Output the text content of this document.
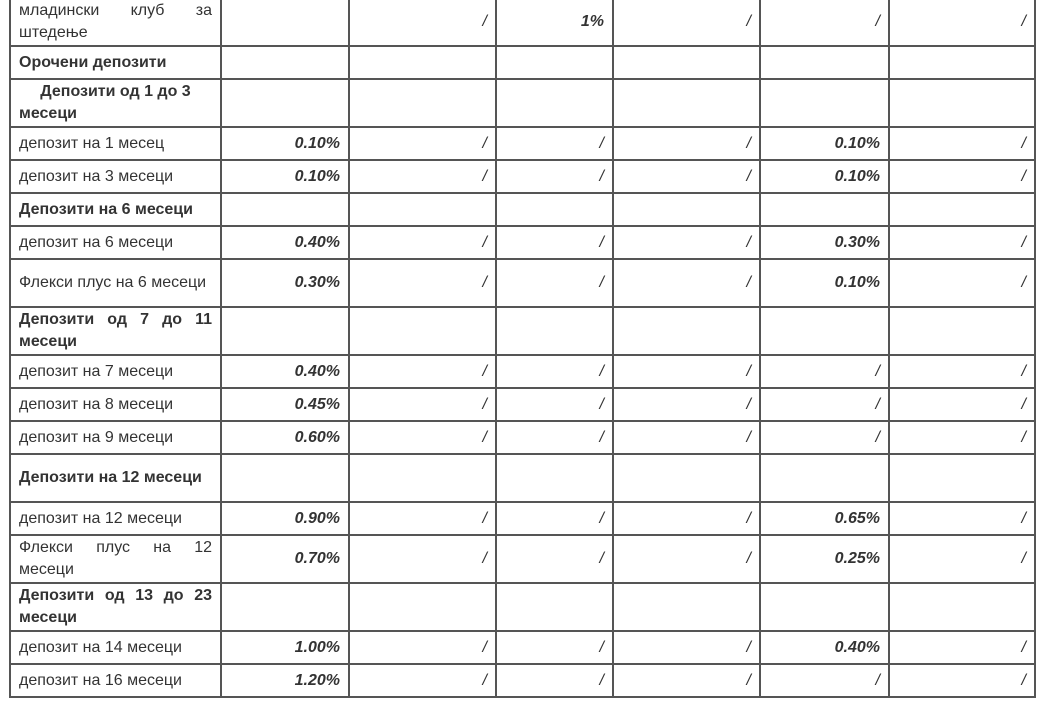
младински клуб за штедење		/	1%	/	/	/
Орочени депозити						
Депозити од 1 до 3 месеци						
депозит на 1 месец	0.10%	/	/	/	0.10%	/
депозит на 3 месеци	0.10%	/	/	/	0.10%	/
Депозити на 6 месеци						
депозит на 6 месеци	0.40%	/	/	/	0.30%	/
Флекси плус на 6 месеци	0.30%	/	/	/	0.10%	/
Депозити од 7 до 11 месеци						
депозит на 7 месеци	0.40%	/	/	/	/	/
депозит на 8 месеци	0.45%	/	/	/	/	/
депозит на 9 месеци	0.60%	/	/	/	/	/
Депозити на 12 месеци						
депозит на 12 месеци	0.90%	/	/	/	0.65%	/
Флекси плус на 12 месеци	0.70%	/	/	/	0.25%	/
Депозити од 13 до 23 месеци						
депозит на 14 месеци	1.00%	/	/	/	0.40%	/
депозит на 16 месеци	1.20%	/	/	/	/	/
